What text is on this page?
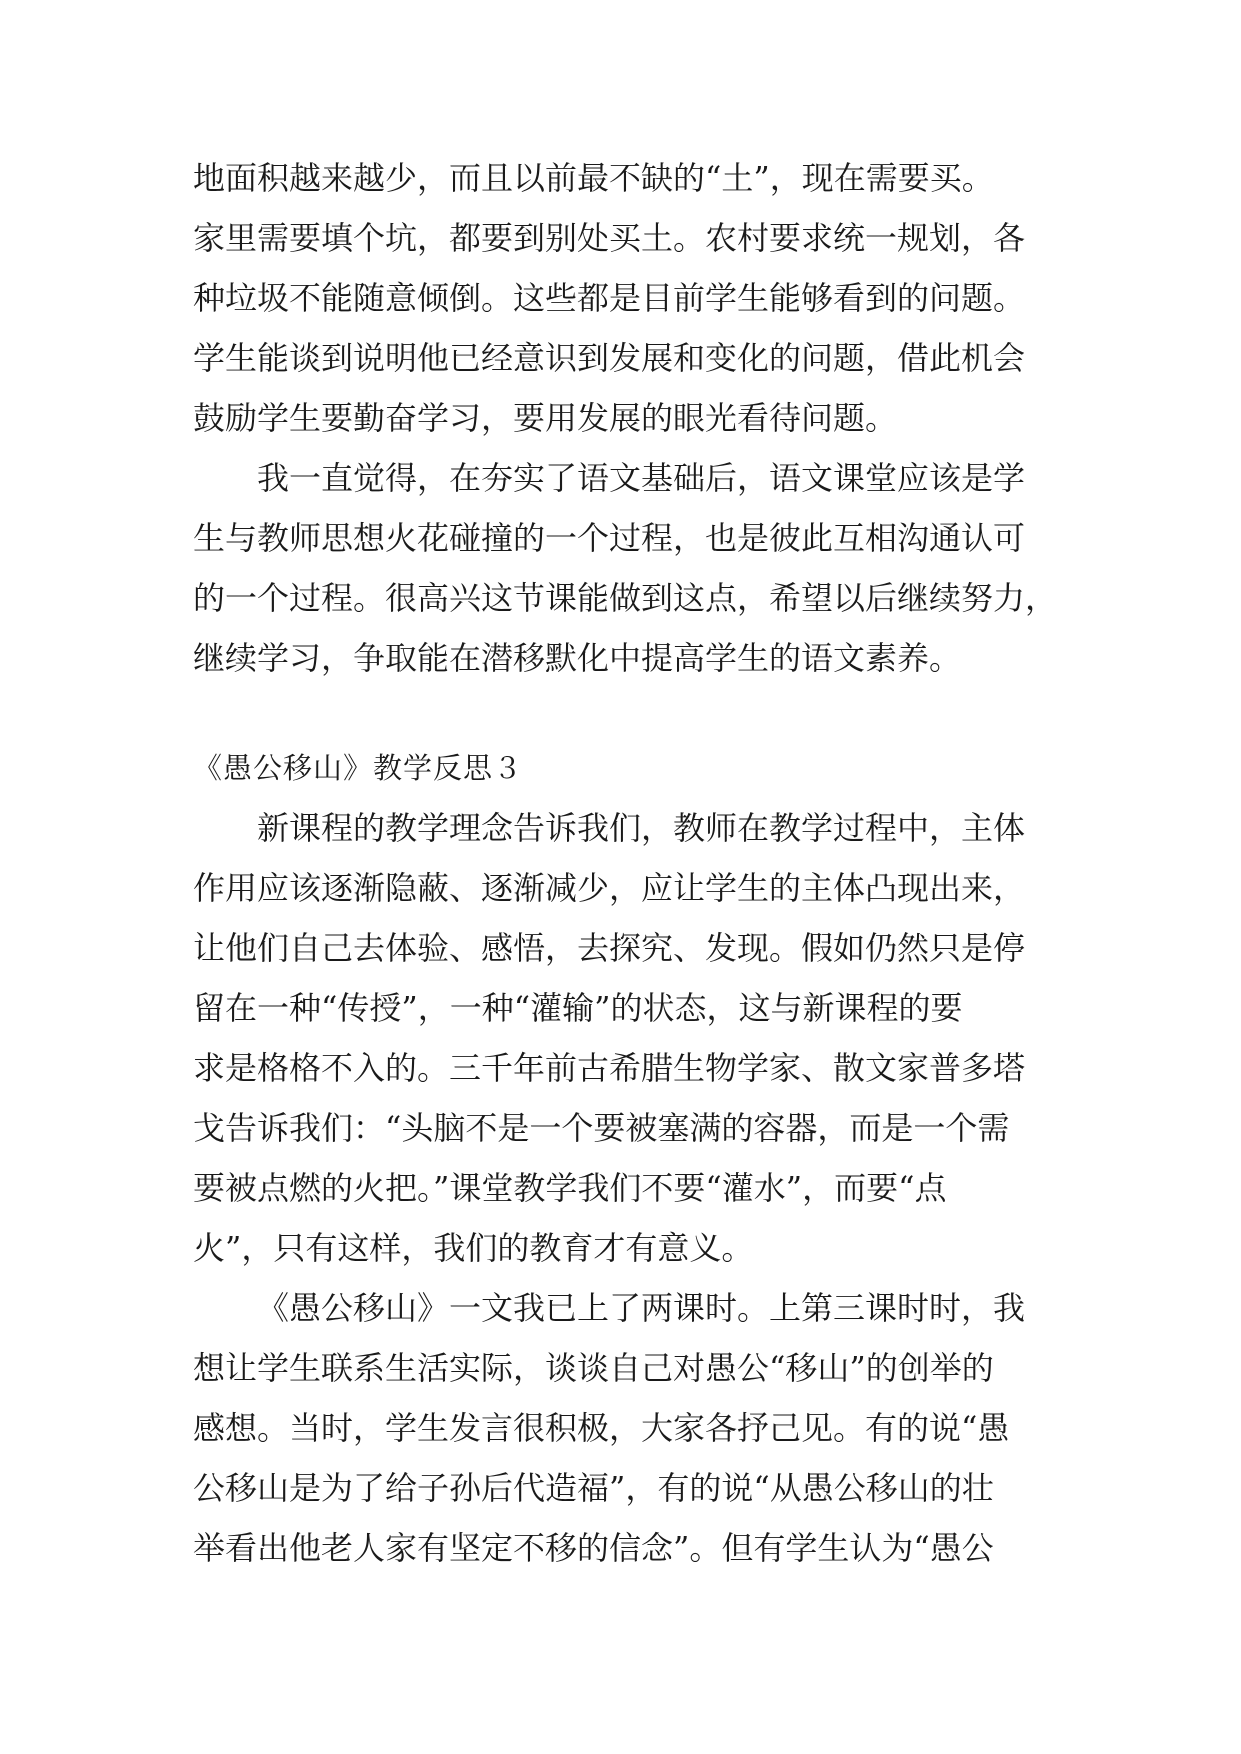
地面积越来越少，而且以前最不缺的“土”，现在需要买。
家里需要填个坑，都要到别处买土。农村要求统一规划，各
种垃圾不能随意倾倒。这些都是目前学生能够看到的问题。
学生能谈到说明他已经意识到发展和变化的问题，借此机会
鼓励学生要勤奋学习，要用发展的眼光看待问题。
我一直觉得，在夯实了语文基础后，语文课堂应该是学
生与教师思想火花碰撞的一个过程，也是彼此互相沟通认可
的一个过程。很高兴这节课能做到这点，希望以后继续努力，
继续学习，争取能在潜移默化中提高学生的语文素养。
《愚公移山》教学反思３
新课程的教学理念告诉我们，教师在教学过程中，主体
作用应该逐渐隐蔽、逐渐减少，应让学生的主体凸现出来，
让他们自己去体验、感悟，去探究、发现。假如仍然只是停
留在一种“传授”，一种“灌输”的状态，这与新课程的要
求是格格不入的。三千年前古希腊生物学家、散文家普多塔
戈告诉我们：“头脑不是一个要被塞满的容器，而是一个需
要被点燃的火把。”课堂教学我们不要“灌水”，而要“点
火”，只有这样，我们的教育才有意义。
《愚公移山》一文我已上了两课时。上第三课时时，我
想让学生联系生活实际，谈谈自己对愚公“移山”的创举的
感想。当时，学生发言很积极，大家各抒己见。有的说“愚
公移山是为了给子孙后代造福”，有的说“从愚公移山的壮
举看出他老人家有坚定不移的信念”。但有学生认为“愚公
